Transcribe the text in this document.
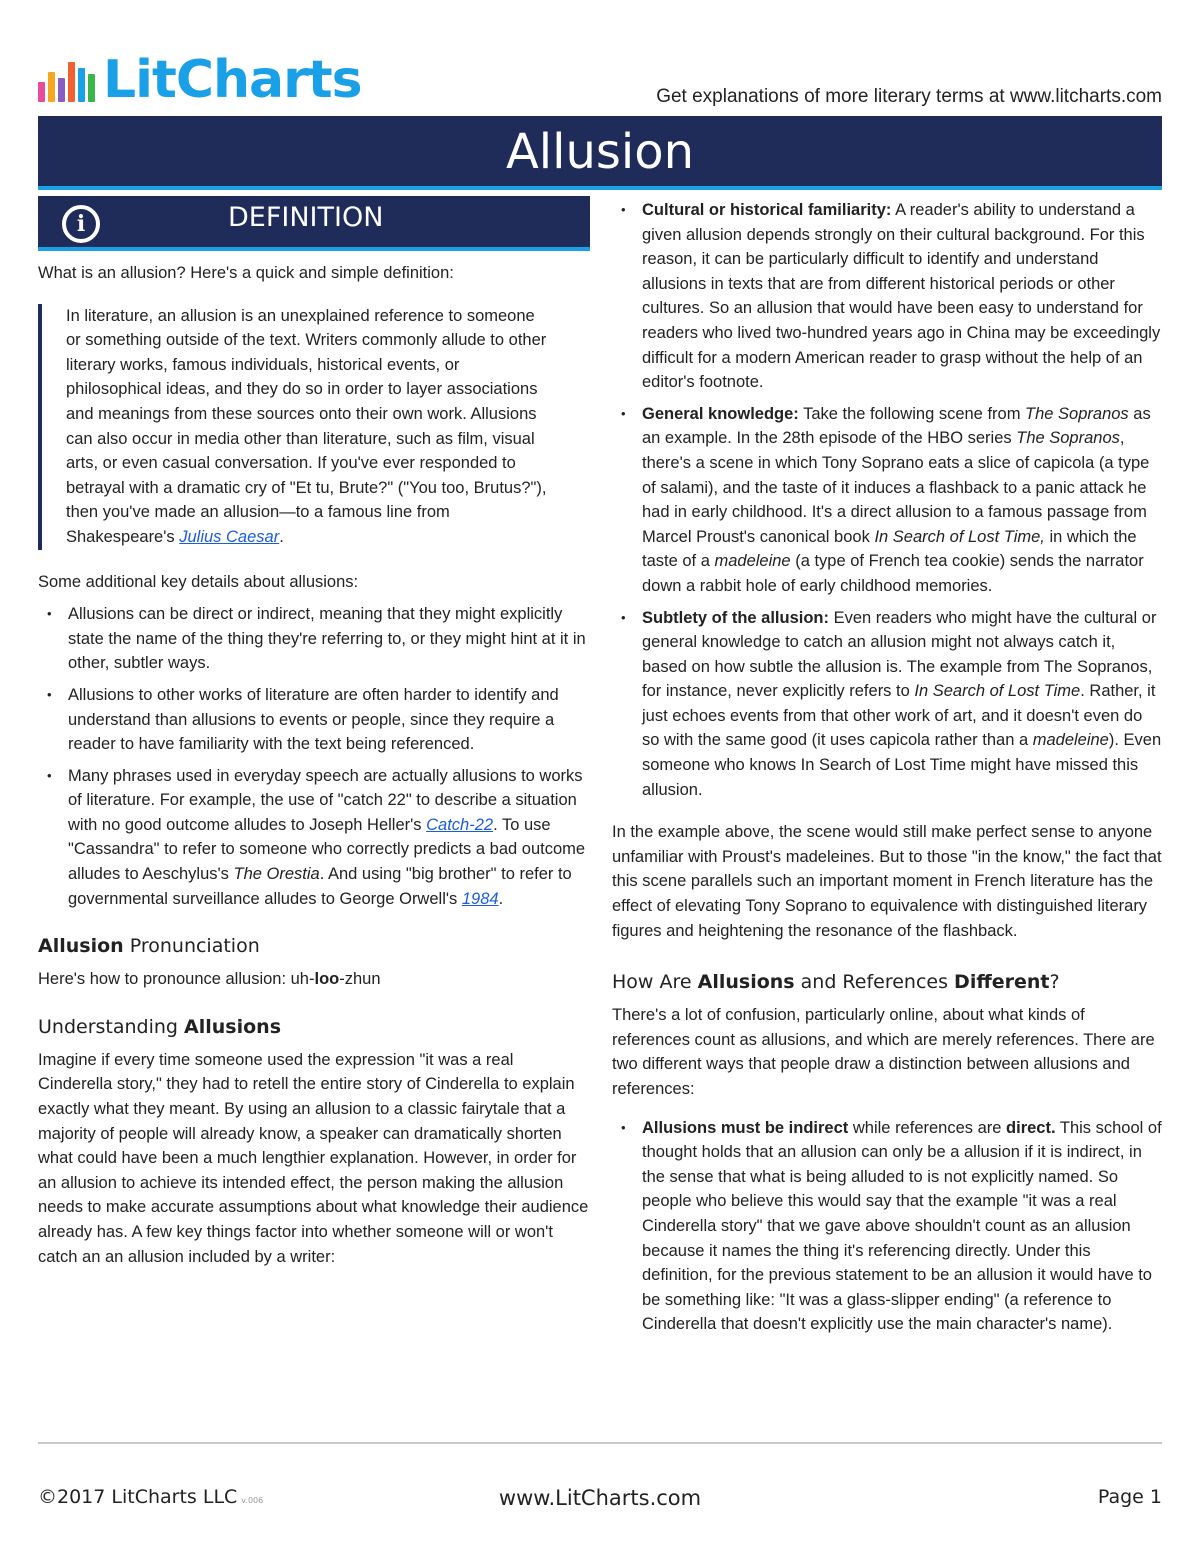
LitCharts	Get explanations of more literary terms at www.litcharts.com
Allusion
i	DEFINITION

What is an allusion? Here's a quick and simple definition:

In literature, an allusion is an unexplained reference to someone or something outside of the text. Writers commonly allude to other literary works, famous individuals, historical events, or philosophical ideas, and they do so in order to layer associations and meanings from these sources onto their own work. Allusions can also occur in media other than literature, such as film, visual arts, or even casual conversation. If you've ever responded to betrayal with a dramatic cry of "Et tu, Brute?" ("You too, Brutus?"), then you've made an allusion—to a famous line from Shakespeare's Julius Caesar.

Some additional key details about allusions:

• Allusions can be direct or indirect, meaning that they might explicitly state the name of the thing they're referring to, or they might hint at it in other, subtler ways.
• Allusions to other works of literature are often harder to identify and understand than allusions to events or people, since they require a reader to have familiarity with the text being referenced.
• Many phrases used in everyday speech are actually allusions to works of literature. For example, the use of "catch 22" to describe a situation with no good outcome alludes to Joseph Heller's Catch-22. To use "Cassandra" to refer to someone who correctly predicts a bad outcome alludes to Aeschylus's The Orestia. And using "big brother" to refer to governmental surveillance alludes to George Orwell's 1984.
Allusion Pronunciation

Here's how to pronounce allusion: uh-loo-zhun

Understanding Allusions

Imagine if every time someone used the expression "it was a real Cinderella story," they had to retell the entire story of Cinderella to explain exactly what they meant. By using an allusion to a classic fairytale that a majority of people will already know, a speaker can dramatically shorten what could have been a much lengthier explanation. However, in order for an allusion to achieve its intended effect, the person making the allusion needs to make accurate assumptions about what knowledge their audience already has. A few key things factor into whether someone will or won't catch an an allusion included by a writer:

• Cultural or historical familiarity: A reader's ability to understand a given allusion depends strongly on their cultural background. For this reason, it can be particularly difficult to identify and understand allusions in texts that are from different historical periods or other cultures. So an allusion that would have been easy to understand for readers who lived two-hundred years ago in China may be exceedingly difficult for a modern American reader to grasp without the help of an editor's footnote.
• General knowledge: Take the following scene from The Sopranos as an example. In the 28th episode of the HBO series The Sopranos, there's a scene in which Tony Soprano eats a slice of capicola (a type of salami), and the taste of it induces a flashback to a panic attack he had in early childhood. It's a direct allusion to a famous passage from Marcel Proust's canonical book In Search of Lost Time, in which the taste of a madeleine (a type of French tea cookie) sends the narrator down a rabbit hole of early childhood memories.
• Subtlety of the allusion: Even readers who might have the cultural or general knowledge to catch an allusion might not always catch it, based on how subtle the allusion is. The example from The Sopranos, for instance, never explicitly refers to In Search of Lost Time. Rather, it just echoes events from that other work of art, and it doesn't even do so with the same good (it uses capicola rather than a madeleine). Even someone who knows In Search of Lost Time might have missed this allusion.

In the example above, the scene would still make perfect sense to anyone unfamiliar with Proust's madeleines. But to those "in the know," the fact that this scene parallels such an important moment in French literature has the effect of elevating Tony Soprano to equivalence with distinguished literary figures and heightening the resonance of the flashback.

How Are Allusions and References Different?

There's a lot of confusion, particularly online, about what kinds of references count as allusions, and which are merely references. There are two different ways that people draw a distinction between allusions and references:

• Allusions must be indirect while references are direct. This school of thought holds that an allusion can only be a allusion if it is indirect, in the sense that what is being alluded to is not explicitly named. So people who believe this would say that the example "it was a real Cinderella story" that we gave above shouldn't count as an allusion because it names the thing it's referencing directly. Under this definition, for the previous statement to be an allusion it would have to be something like: "It was a glass-slipper ending" (a reference to Cinderella that doesn't explicitly use the main character's name).
©2017 LitCharts LLC v.006	www.LitCharts.com	Page 1
